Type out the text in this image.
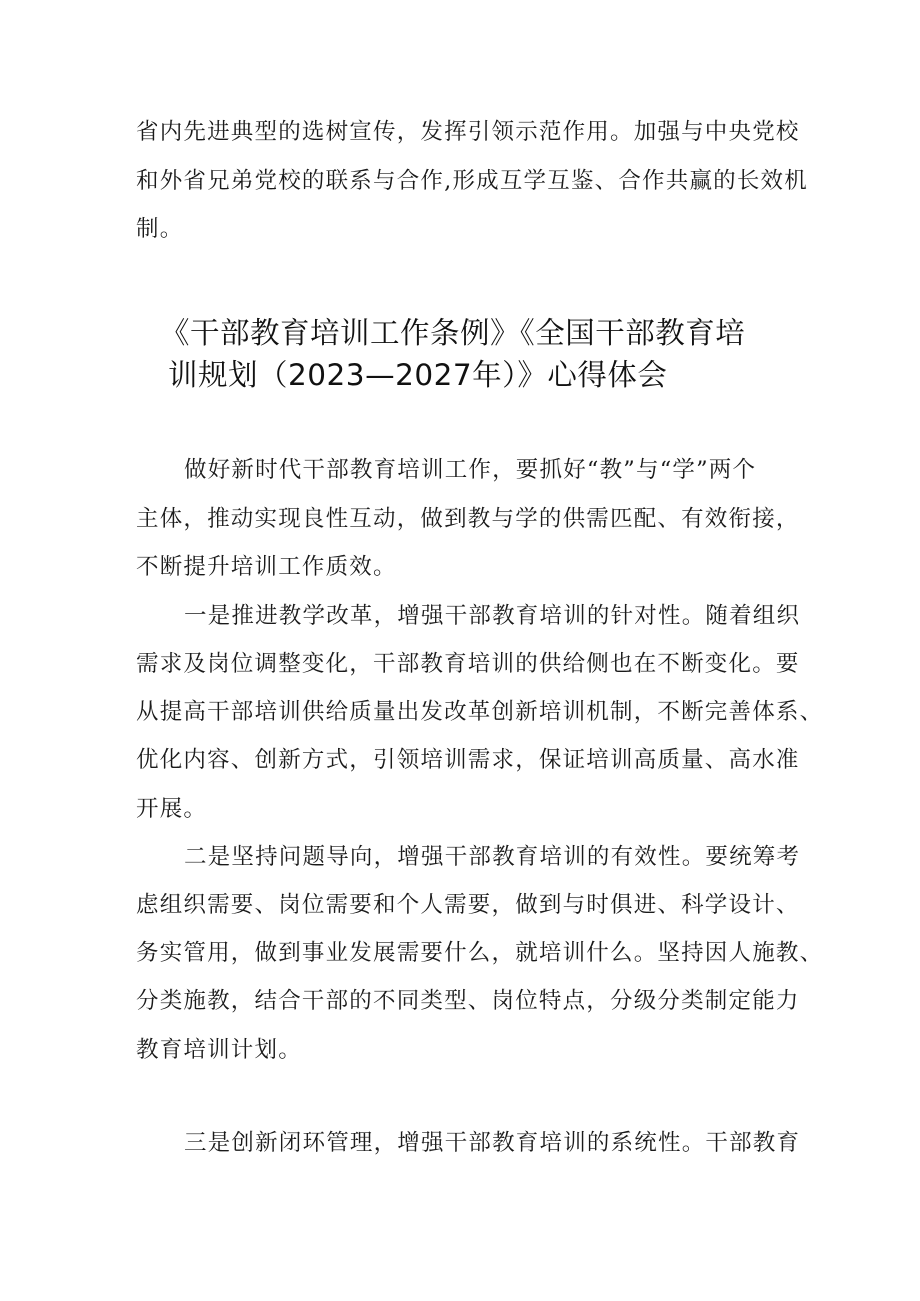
省内先进典型的选树宣传，发挥引领示范作用。加强与中央党校
和外省兄弟党校的联系与合作,形成互学互鉴、合作共赢的长效机
制。
《干部教育培训工作条例》《全国干部教育培
训规划（2023—2027年）》心得体会
做好新时代干部教育培训工作，要抓好“教”与“学”两个
主体，推动实现良性互动，做到教与学的供需匹配、有效衔接，
不断提升培训工作质效。
一是推进教学改革，增强干部教育培训的针对性。随着组织
需求及岗位调整变化，干部教育培训的供给侧也在不断变化。要
从提高干部培训供给质量出发改革创新培训机制，不断完善体系、
优化内容、创新方式，引领培训需求，保证培训高质量、高水准
开展。
二是坚持问题导向，增强干部教育培训的有效性。要统筹考
虑组织需要、岗位需要和个人需要，做到与时俱进、科学设计、
务实管用，做到事业发展需要什么，就培训什么。坚持因人施教、
分类施教，结合干部的不同类型、岗位特点，分级分类制定能力
教育培训计划。
三是创新闭环管理，增强干部教育培训的系统性。干部教育
